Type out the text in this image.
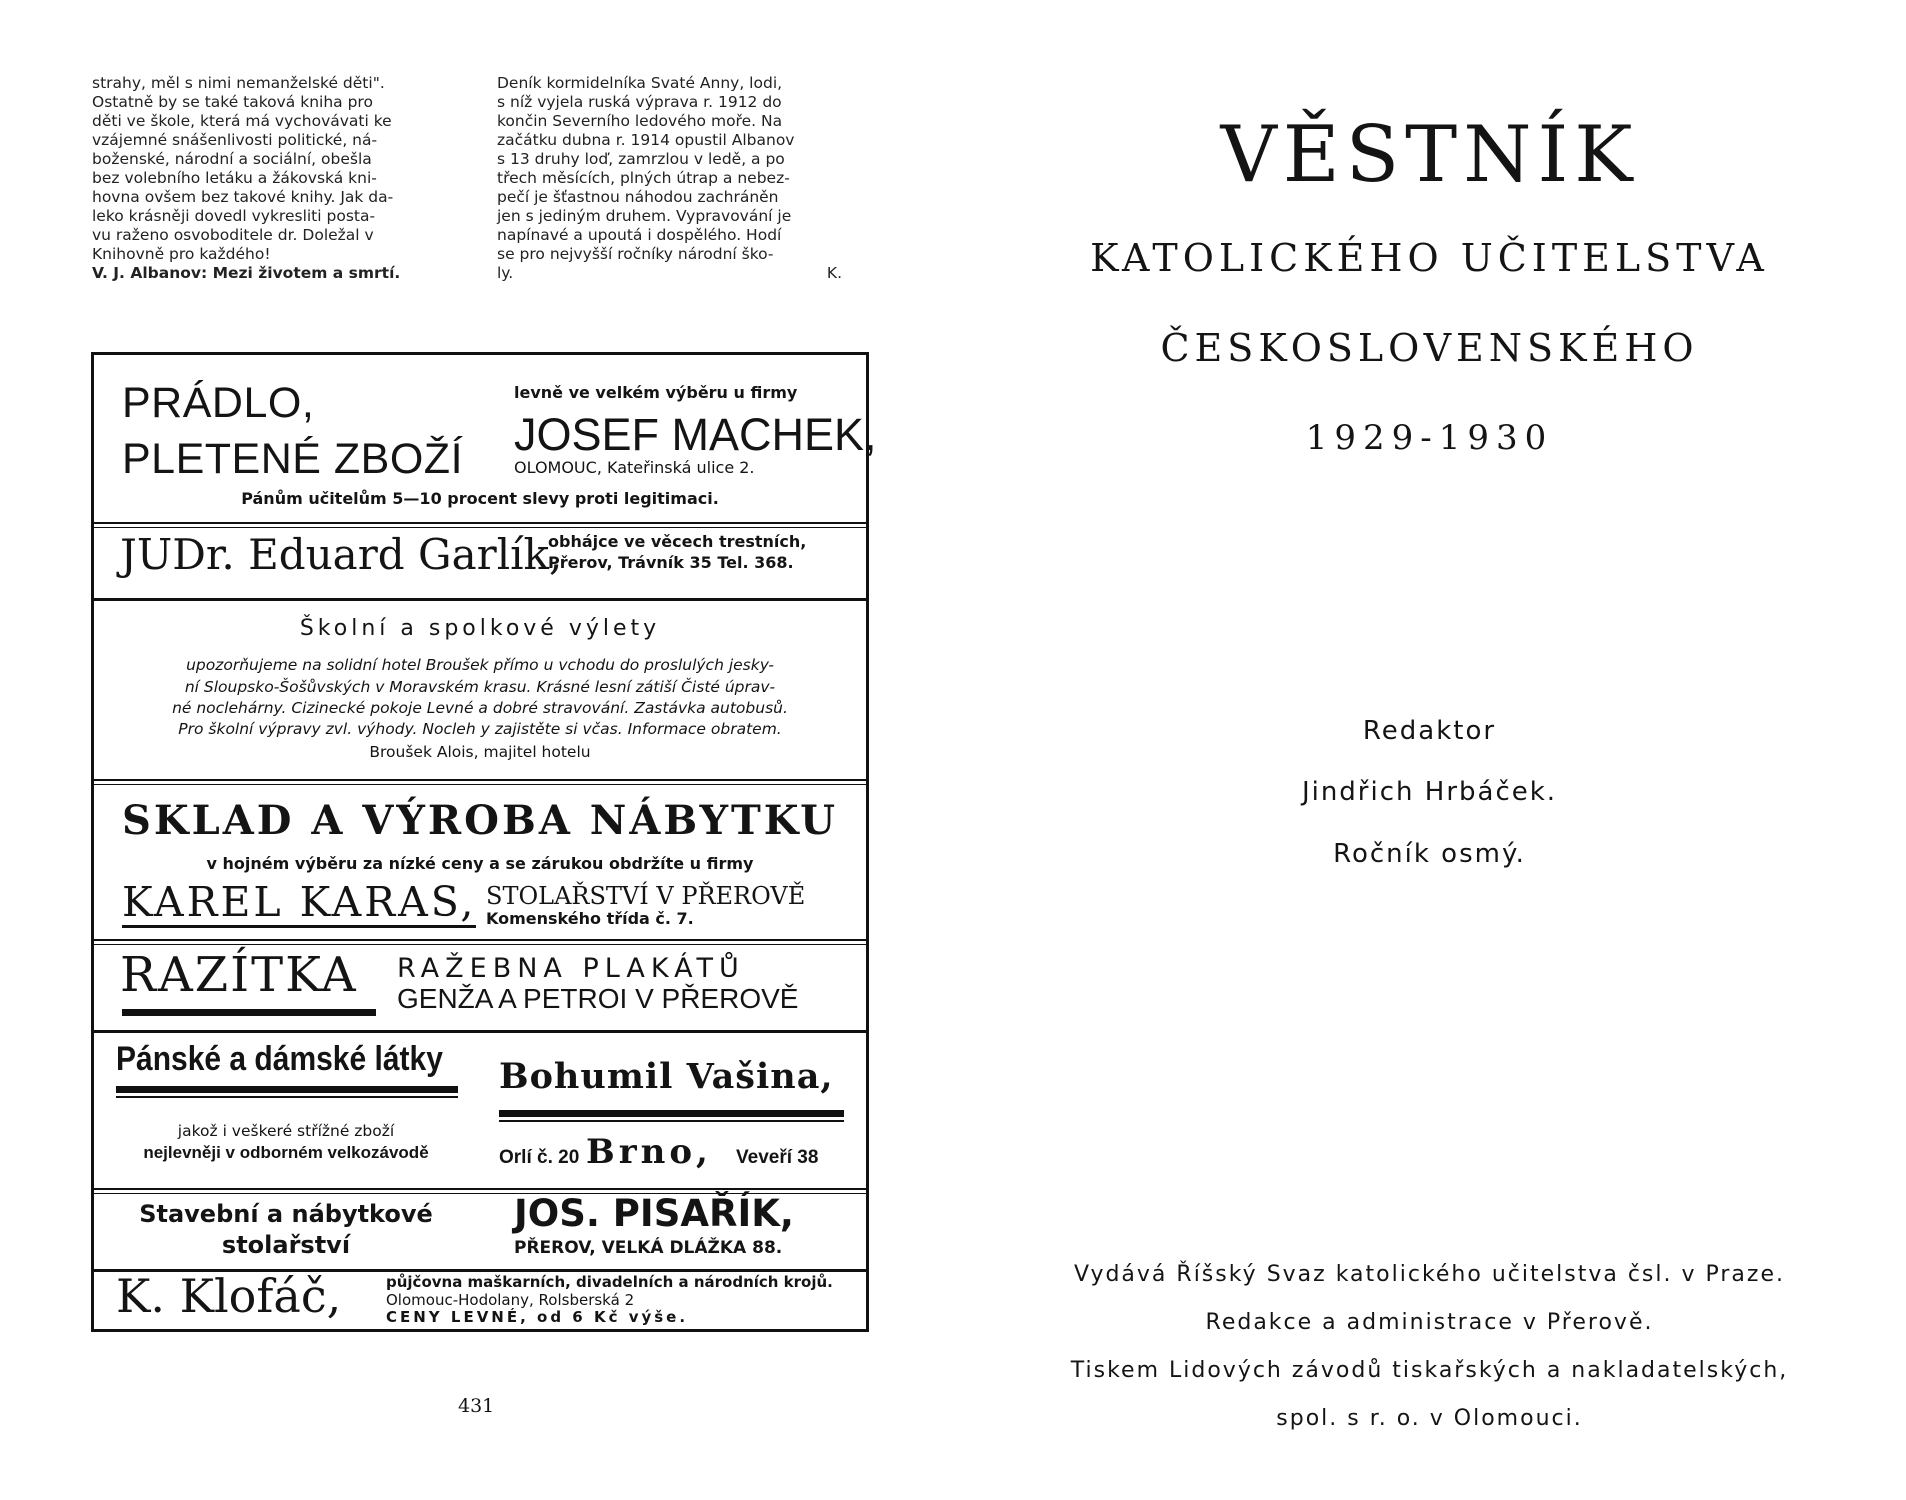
strahy, měl s nimi nemanželské děti".

Ostatně by se také taková kniha pro

děti ve škole, která má vychovávati ke

vzájemné snášenlivosti politické, ná-

boženské, národní a sociální, obešla

bez volebního letáku a žákovská kni-

hovna ovšem bez takové knihy. Jak da-

leko krásněji dovedl vykresliti posta-

vu raženo osvoboditele dr. Doležal v

Knihovně pro každého!

V. J. Albanov: Mezi životem a smrtí.

Deník kormidelníka Svaté Anny, lodi,

s níž vyjela ruská výprava r. 1912 do

končin Severního ledového moře. Na

začátku dubna r. 1914 opustil Albanov

s 13 druhy loď, zamrzlou v ledě, a po

třech měsících, plných útrap a nebez-

pečí je šťastnou náhodou zachráněn

jen s jediným druhem. Vypravování je

napínavé a upoutá i dospělého. Hodí

se pro nejvyšší ročníky národní ško-

ly.	K.

PRÁDLO,
PLETENÉ ZBOŽÍ
levně ve velkém výběru u firmy
JOSEF MACHEK,
OLOMOUC, Kateřinská ulice 2.
Pánům učitelům 5—10 procent slevy proti legitimaci.
JUDr. Eduard Garlík,
obhájce ve věcech trestních,
Přerov, Trávník 35 Tel. 368.
Školní a spolkové výlety
upozorňujeme na solidní hotel Broušek přímo u vchodu do proslulých jesky-
ní Sloupsko-Šošůvských v Moravském krasu. Krásné lesní zátiší Čisté úprav-
né noclehárny. Cizinecké pokoje Levné a dobré stravování. Zastávka autobusů.
Pro školní výpravy zvl. výhody. Nocleh y zajistěte si včas. Informace obratem.
Broušek Alois, majitel hotelu
SKLAD A VÝROBA NÁBYTKU
v hojném výběru za nízké ceny a se zárukou obdržíte u firmy
KAREL KARAS, STOLAŘSTVÍ V PŘEROVĚ
Komenského třída č. 7.
RAZÍTKA RAŽEBNA PLAKÁTŮ
GENŽA A PETROI V PŘEROVĚ
Pánské a dámské látky
jakož i veškeré střížné zboží
nejlevněji v odborném velkozávodě
Bohumil Vašina,
Orlí č. 20 Brno, Veveří 38
Stavební a nábytkové
stolařství
JOS. PISAŘÍK,
PŘEROV, VELKÁ DLÁŽKA 88.
K. Klofáč,	půjčovna maškarních, divadelních a národních krojů.
Olomouc-Hodolany, Rolsberská 2
CENY LEVNÉ, od 6 Kč výše.
431
VĚSTNÍK
KATOLICKÉHO UČITELSTVA
ČESKOSLOVENSKÉHO
1929-1930
Redaktor
Jindřich Hrbáček.
Ročník osmý.
Vydává Říšský Svaz katolického učitelstva čsl. v Praze.
Redakce a administrace v Přerově.
Tiskem Lidových závodů tiskařských a nakladatelských,
spol. s r. o. v Olomouci.
